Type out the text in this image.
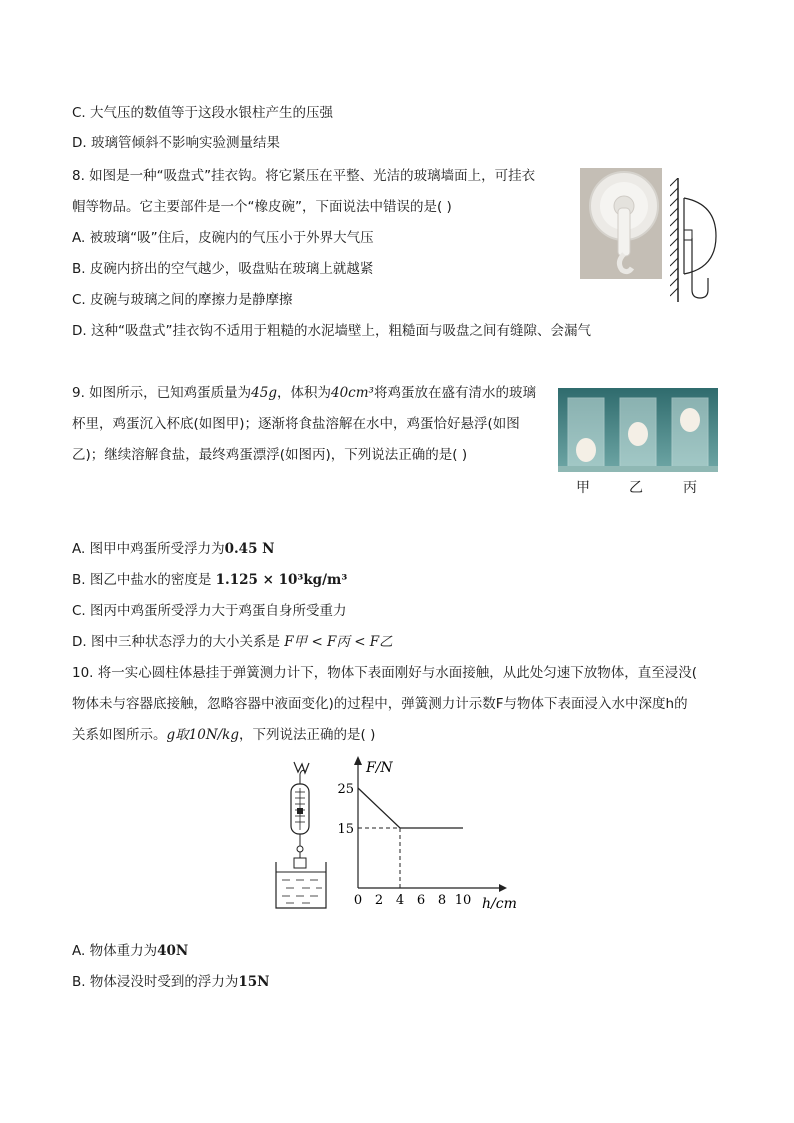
C. 大气压的数值等于这段水银柱产生的压强
D. 玻璃管倾斜不影响实验测量结果
8. 如图是一种“吸盘式”挂衣钩。将它紧压在平整、光洁的玻璃墙面上，可挂衣
帽等物品。它主要部件是一个“橡皮碗”，下面说法中错误的是( )
A. 被玻璃“吸”住后，皮碗内的气压小于外界大气压
B. 皮碗内挤出的空气越少，吸盘贴在玻璃上就越紧
C. 皮碗与玻璃之间的摩擦力是静摩擦
D. 这种“吸盘式”挂衣钩不适用于粗糙的水泥墙壁上，粗糙面与吸盘之间有缝隙、会漏气
9. 如图所示，已知鸡蛋质量为45g，体积为40cm³将鸡蛋放在盛有清水的玻璃
杯里，鸡蛋沉入杯底(如图甲)；逐渐将食盐溶解在水中，鸡蛋恰好悬浮(如图
乙)；继续溶解食盐，最终鸡蛋漂浮(如图丙)，下列说法正确的是( )
甲	乙	丙
A. 图甲中鸡蛋所受浮力为0.45 N
B. 图乙中盐水的密度是 1.125 × 10³kg/m³
C. 图丙中鸡蛋所受浮力大于鸡蛋自身所受重力
D. 图中三种状态浮力的大小关系是 F甲 < F丙 < F乙
10. 将一实心圆柱体悬挂于弹簧测力计下，物体下表面刚好与水面接触，从此处匀速下放物体，直至浸没(
物体未与容器底接触，忽略容器中液面变化)的过程中，弹簧测力计示数F与物体下表面浸入水中深度h的
关系如图所示。g取10N/kg，下列说法正确的是( )
F/N
h/cm
0 2 4 6 8 10
15
25
A. 物体重力为40N
B. 物体浸没时受到的浮力为15N
